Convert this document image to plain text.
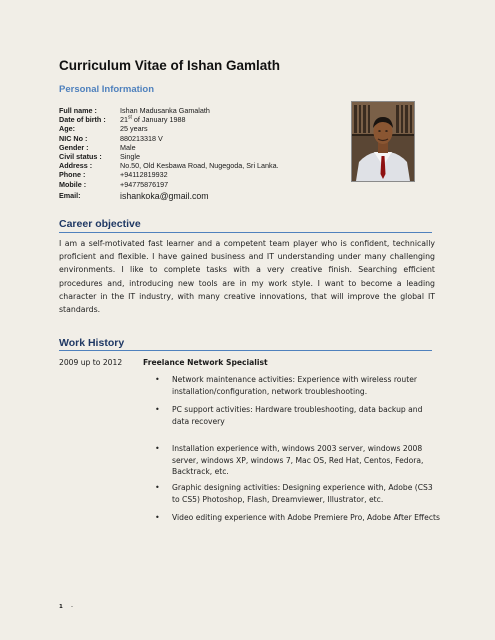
Curriculum Vitae of Ishan Gamlath
Personal Information
Full name :	Ishan Madusanka Gamalath
Date of birth :	21st of January 1988
Age:	25 years
NIC No :	880213318 V
Gender :	Male
Civil status :	Single
Address :	No.50, Old Kesbawa Road, Nugegoda, Sri Lanka.
Phone :	+94112819932
Mobile :	+94775876197
Email:	ishankoka@gmail.com
Career objective
I am a self-motivated fast learner and a competent team player who is confident, technically proficient and flexible. I have gained business and IT understanding under many challenging environments. I like to complete tasks with a very creative finish. Searching efficient procedures and, introducing new tools are in my work style. I want to become a leading character in the IT industry, with many creative innovations, that will improve the global IT standards.
Work History
2009 up to 2012	Freelance Network Specialist
• Network maintenance activities: Experience with wireless router installation/configuration, network troubleshooting.
• PC support activities: Hardware troubleshooting, data backup and data recovery
• Installation experience with, windows 2003 server, windows 2008 server, windows XP, windows 7, Mac OS, Red Hat, Centos, Fedora, Backtrack, etc.
• Graphic designing activities: Designing experience with, Adobe (CS3 to CS5) Photoshop, Flash, Dreamviewer, Illustrator, etc.
• Video editing experience with Adobe Premiere Pro, Adobe After Effects
1 -
